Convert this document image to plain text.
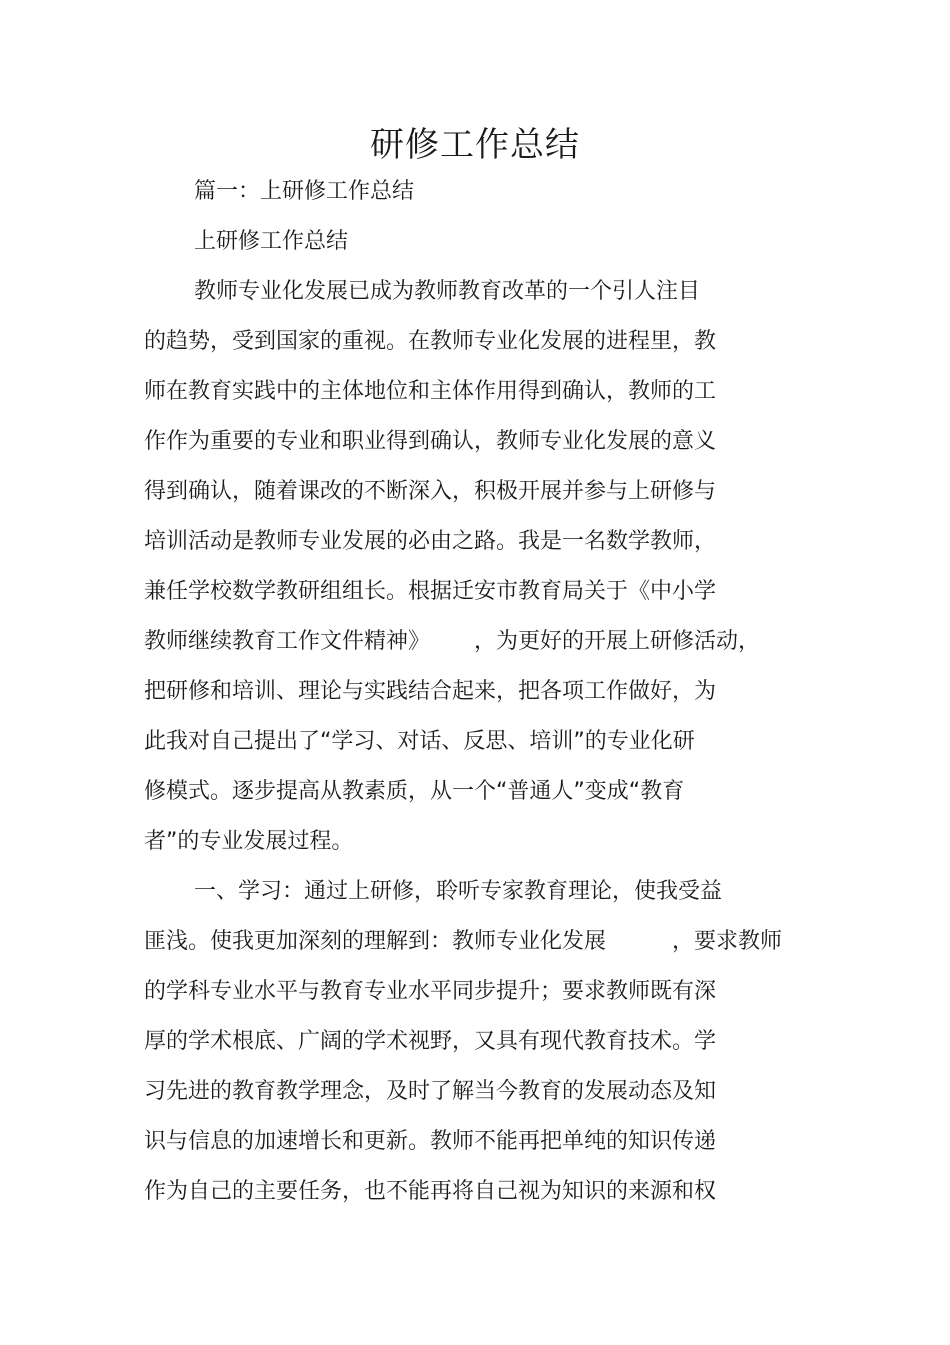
研修工作总结

篇一：上研修工作总结

上研修工作总结

教师专业化发展已成为教师教育改革的一个引人注目

的趋势，受到国家的重视。在教师专业化发展的进程里，教

师在教育实践中的主体地位和主体作用得到确认，教师的工

作作为重要的专业和职业得到确认，教师专业化发展的意义

得到确认，随着课改的不断深入，积极开展并参与上研修与

培训活动是教师专业发展的必由之路。我是一名数学教师，

兼任学校数学教研组组长。根据迁安市教育局关于《中小学

教师继续教育工作文件精神》 ，为更好的开展上研修活动，

把研修和培训、理论与实践结合起来，把各项工作做好，为

此我对自己提出了“学习、对话、反思、培训”的专业化研

修模式。逐步提高从教素质，从一个“普通人”变成“教育

者”的专业发展过程。

一、学习：通过上研修，聆听专家教育理论，使我受益

匪浅。使我更加深刻的理解到：教师专业化发展	，要求教师

的学科专业水平与教育专业水平同步提升；要求教师既有深

厚的学术根底、广阔的学术视野，又具有现代教育技术。学

习先进的教育教学理念，及时了解当今教育的发展动态及知

识与信息的加速增长和更新。教师不能再把单纯的知识传递

作为自己的主要任务，也不能再将自己视为知识的来源和权
